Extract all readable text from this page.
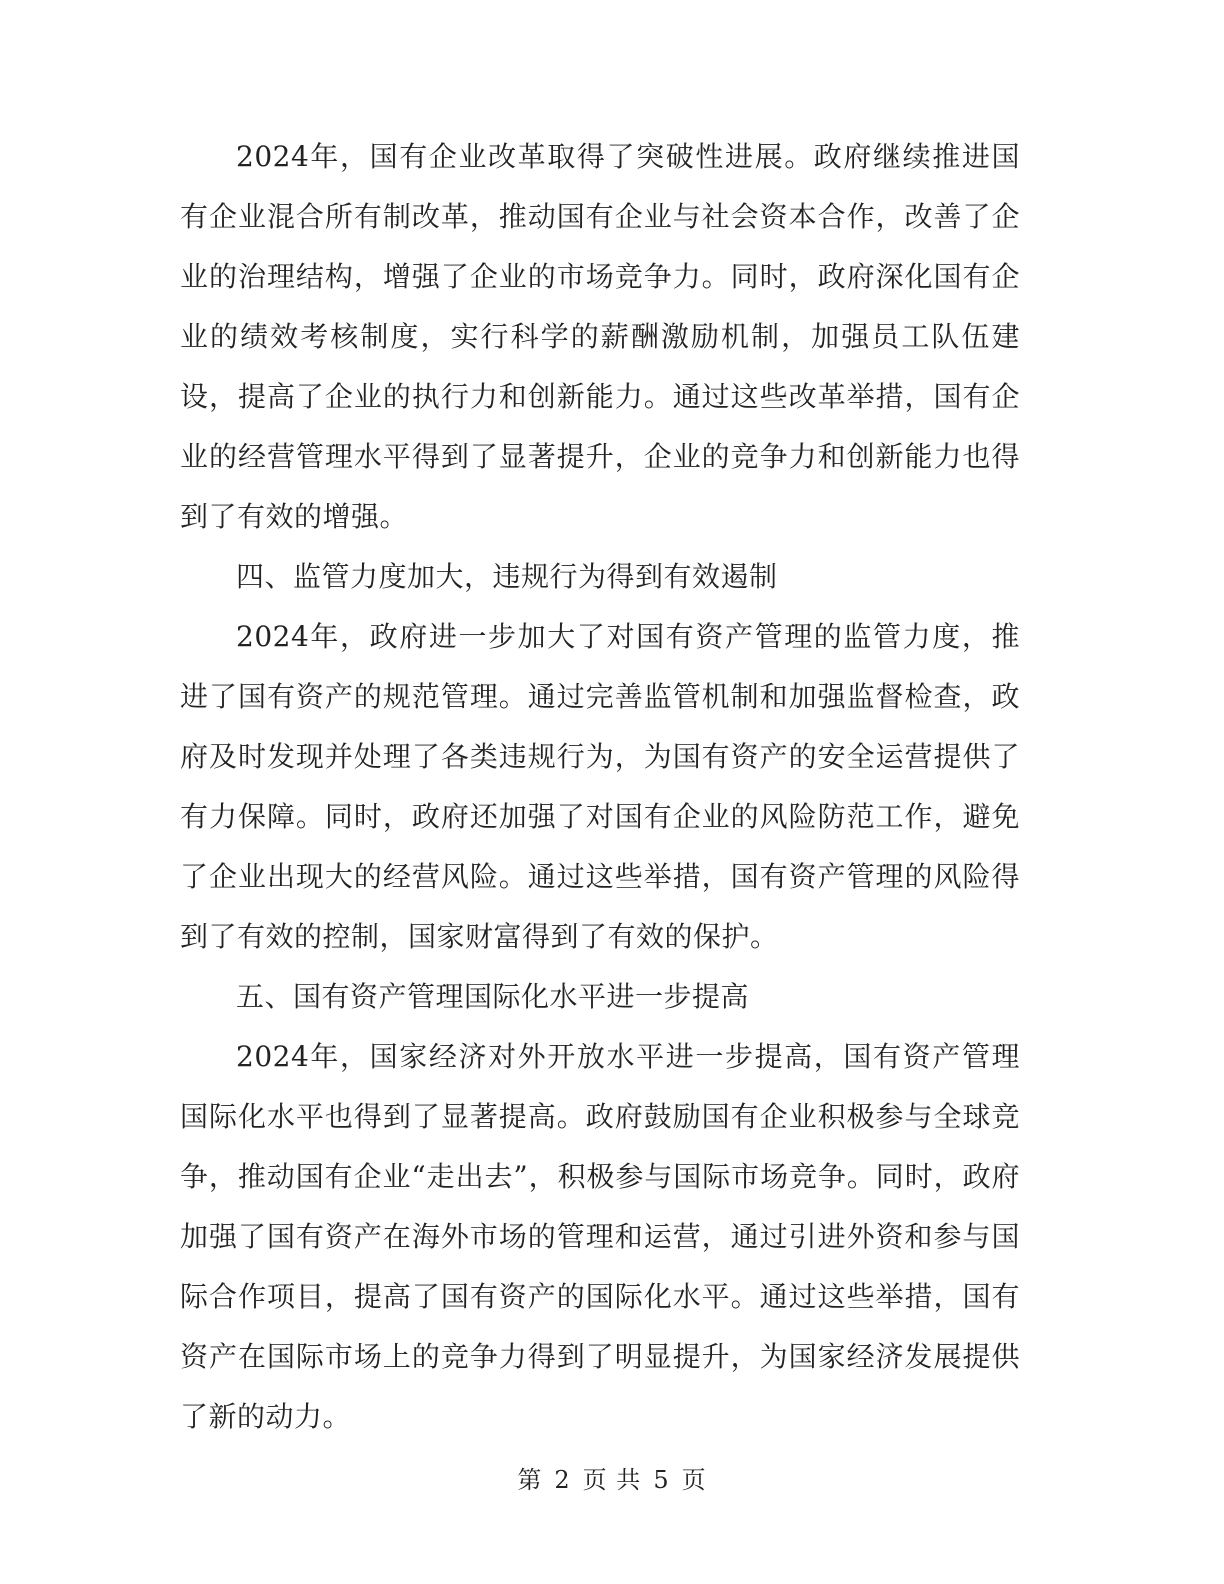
2024年，国有企业改革取得了突破性进展。政府继续推进国有企业混合所有制改革，推动国有企业与社会资本合作，改善了企业的治理结构，增强了企业的市场竞争力。同时，政府深化国有企业的绩效考核制度，实行科学的薪酬激励机制，加强员工队伍建设，提高了企业的执行力和创新能力。通过这些改革举措，国有企业的经营管理水平得到了显著提升，企业的竞争力和创新能力也得到了有效的增强。

四、监管力度加大，违规行为得到有效遏制

2024年，政府进一步加大了对国有资产管理的监管力度，推进了国有资产的规范管理。通过完善监管机制和加强监督检查，政府及时发现并处理了各类违规行为，为国有资产的安全运营提供了有力保障。同时，政府还加强了对国有企业的风险防范工作，避免了企业出现大的经营风险。通过这些举措，国有资产管理的风险得到了有效的控制，国家财富得到了有效的保护。

五、国有资产管理国际化水平进一步提高

2024年，国家经济对外开放水平进一步提高，国有资产管理国际化水平也得到了显著提高。政府鼓励国有企业积极参与全球竞争，推动国有企业“走出去”，积极参与国际市场竞争。同时，政府加强了国有资产在海外市场的管理和运营，通过引进外资和参与国际合作项目，提高了国有资产的国际化水平。通过这些举措，国有资产在国际市场上的竞争力得到了明显提升，为国家经济发展提供了新的动力。

第 2 页 共 5 页
